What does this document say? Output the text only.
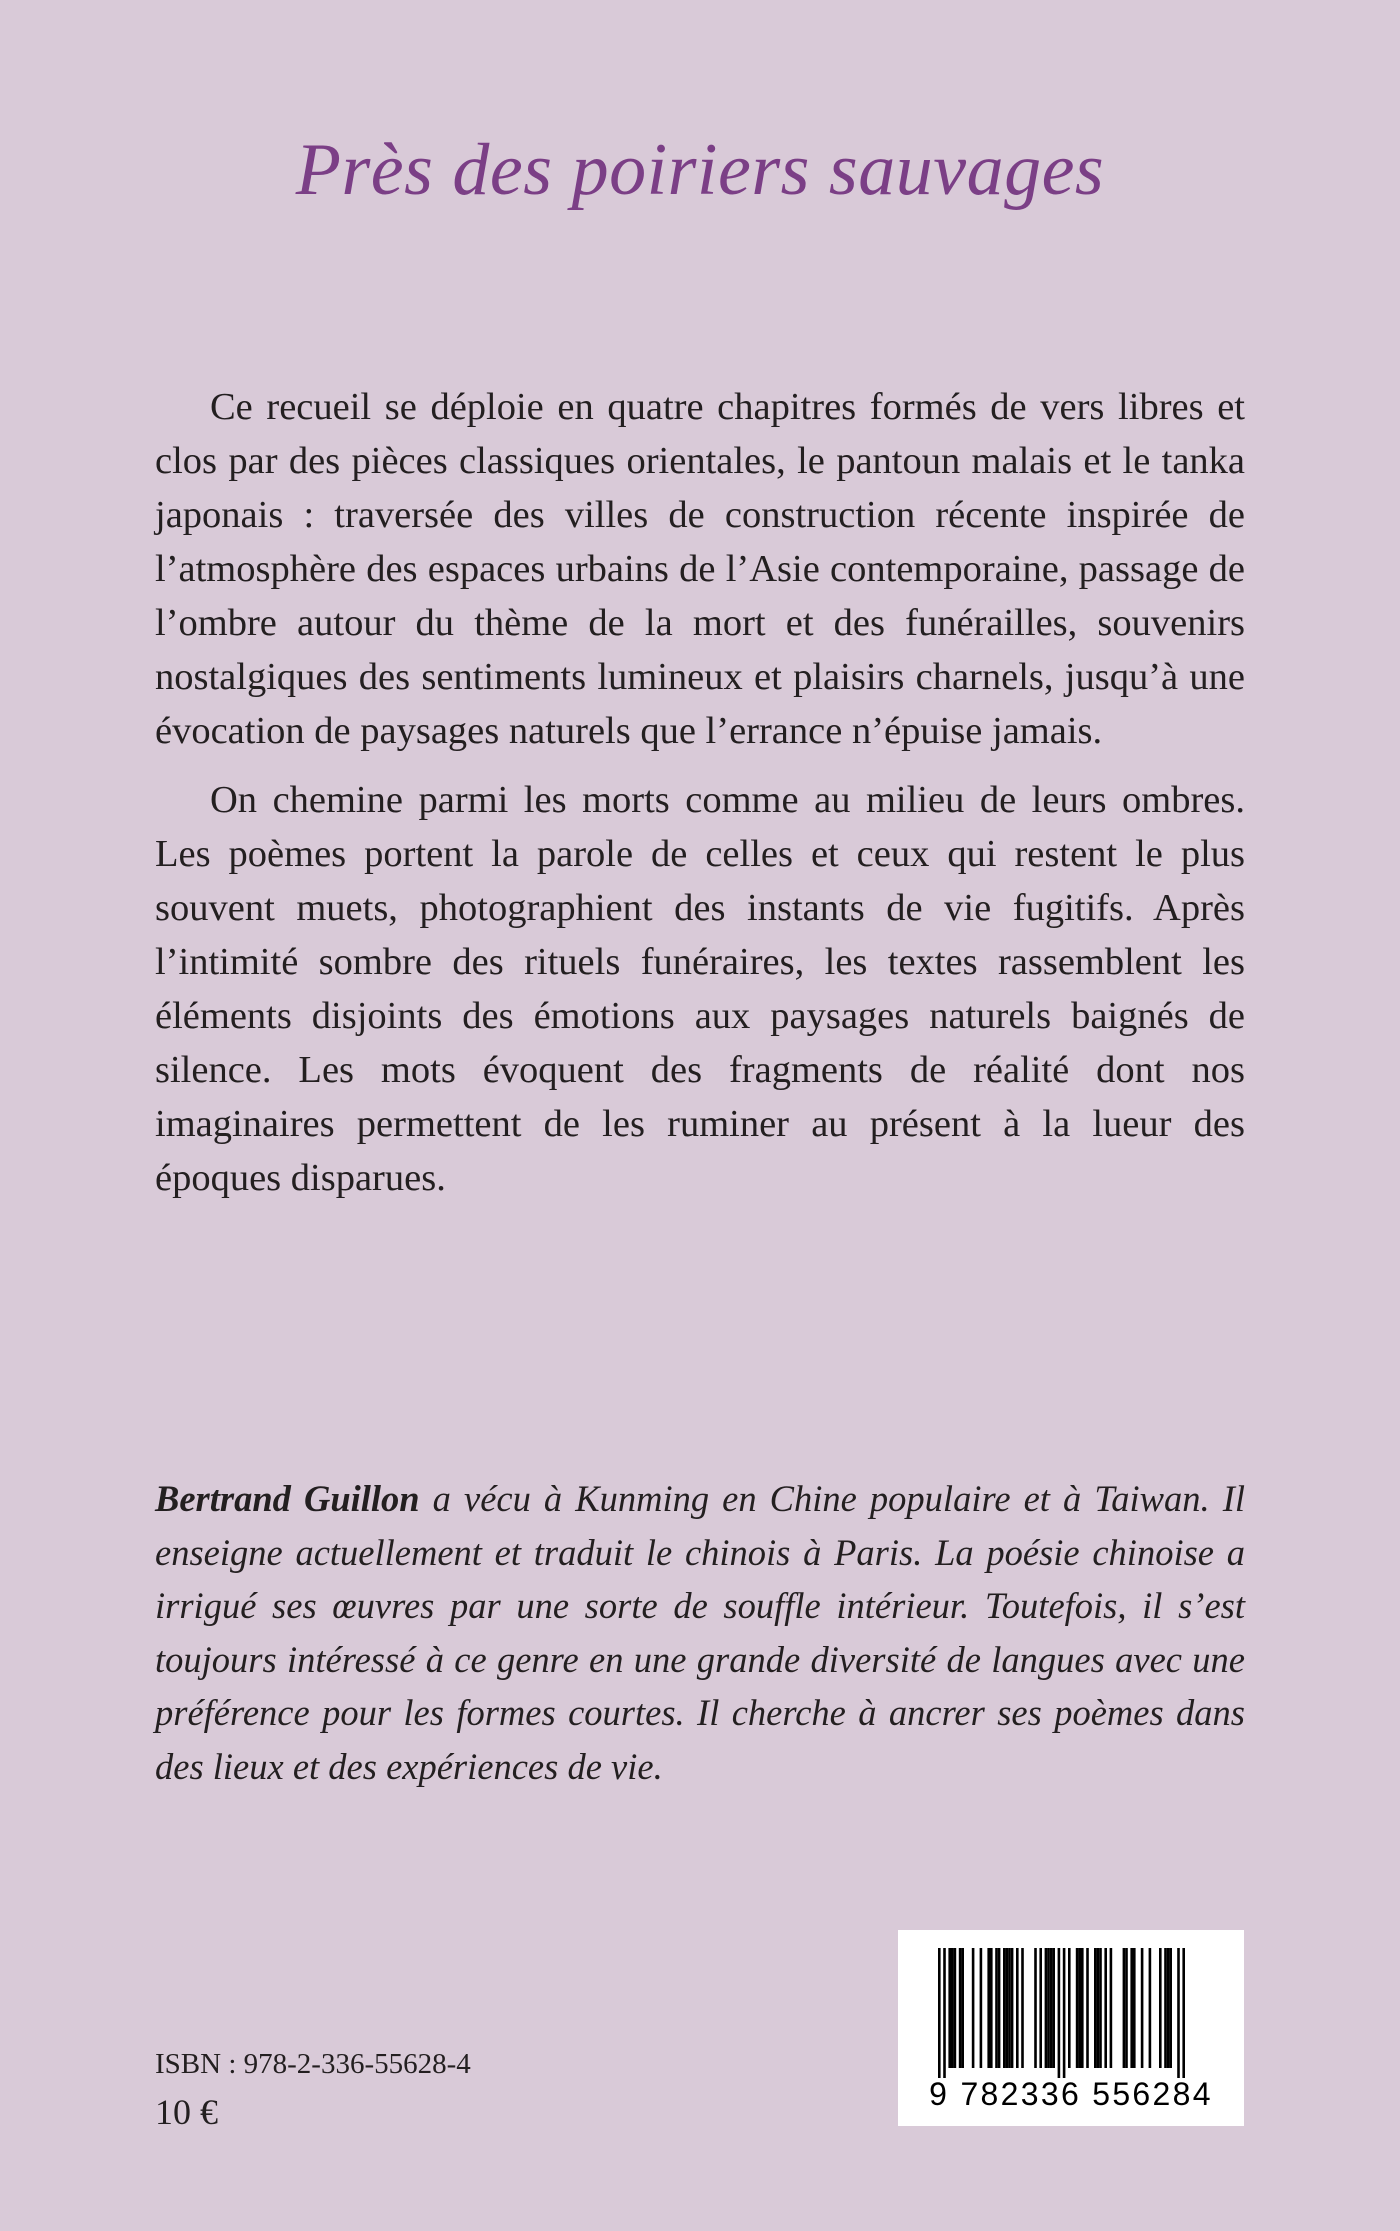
Près des poiriers sauvages

Ce recueil se déploie en quatre chapitres formés de vers libres et clos par des pièces classiques orientales, le pantoun malais et le tanka japonais : traversée des villes de construction récente inspirée de l’atmosphère des espaces urbains de l’Asie contemporaine, passage de l’ombre autour du thème de la mort et des funérailles, souvenirs nostalgiques des sentiments lumineux et plaisirs charnels, jusqu’à une évocation de paysages naturels que l’errance n’épuise jamais.

On chemine parmi les morts comme au milieu de leurs ombres. Les poèmes portent la parole de celles et ceux qui restent le plus souvent muets, photographient des instants de vie fugitifs. Après l’intimité sombre des rituels funéraires, les textes rassemblent les éléments disjoints des émotions aux paysages naturels baignés de silence. Les mots évoquent des fragments de réalité dont nos imaginaires permettent de les ruminer au présent à la lueur des époques disparues.

Bertrand Guillon a vécu à Kunming en Chine populaire et à Taiwan. Il enseigne actuellement et traduit le chinois à Paris. La poésie chinoise a irrigué ses œuvres par une sorte de souffle intérieur. Toutefois, il s’est toujours intéressé à ce genre en une grande diversité de langues avec une préférence pour les formes courtes. Il cherche à ancrer ses poèmes dans des lieux et des expériences de vie.

ISBN : 978-2-336-55628-4

10 €	9 782336 556284
